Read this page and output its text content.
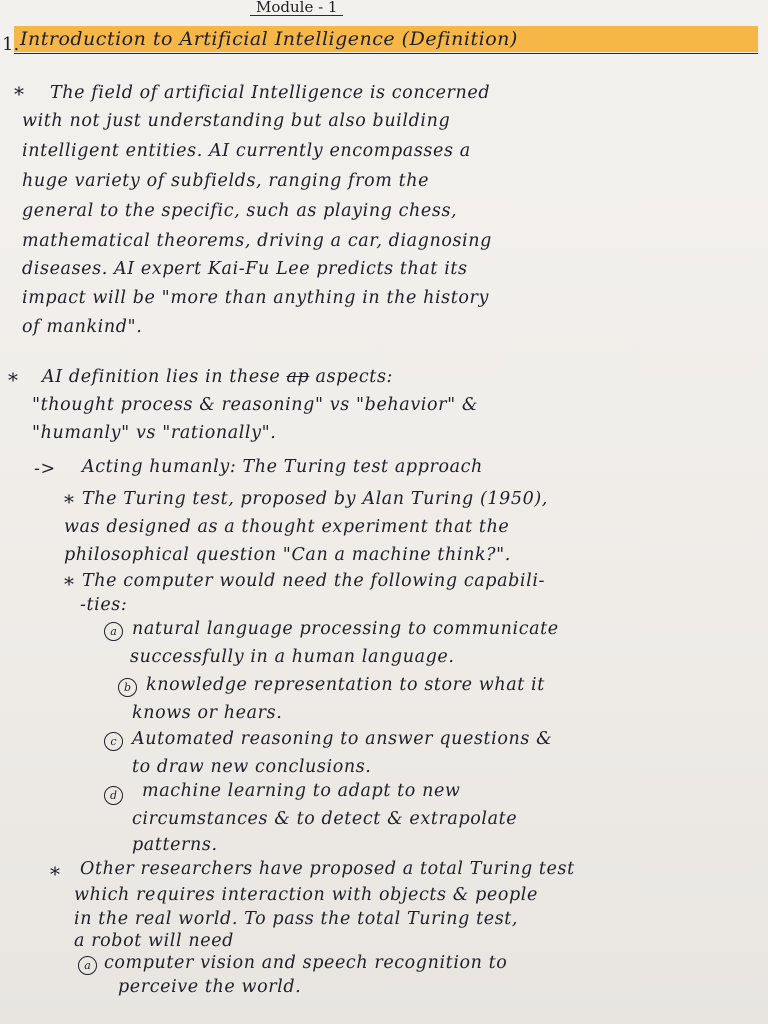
Module - 1
1. Introduction to Artificial Intelligence (Definition)
* The field of artificial Intelligence is concerned
with not just understanding but also building
intelligent entities. AI currently encompasses a
huge variety of subfields, ranging from the
general to the specific, such as playing chess,
mathematical theorems, driving a car, diagnosing
diseases. AI expert Kai-Fu Lee predicts that its
impact will be "more than anything in the history
of mankind".
* AI definition lies in these ap aspects:
"thought process & reasoning" vs "behavior" &
"humanly" vs "rationally".
-> Acting humanly: The Turing test approach
* The Turing test, proposed by Alan Turing (1950),
was designed as a thought experiment that the
philosophical question "Can a machine think?".
* The computer would need the following capabili-
-ties:
a natural language processing to communicate
successfully in a human language.
b knowledge representation to store what it
knows or hears.
c Automated reasoning to answer questions &
to draw new conclusions.
d	machine learning to adapt to new
circumstances & to detect & extrapolate
patterns.
* Other researchers have proposed a total Turing test
which requires interaction with objects & people
in the real world. To pass the total Turing test,
a robot will need
a computer vision and speech recognition to
perceive the world.
